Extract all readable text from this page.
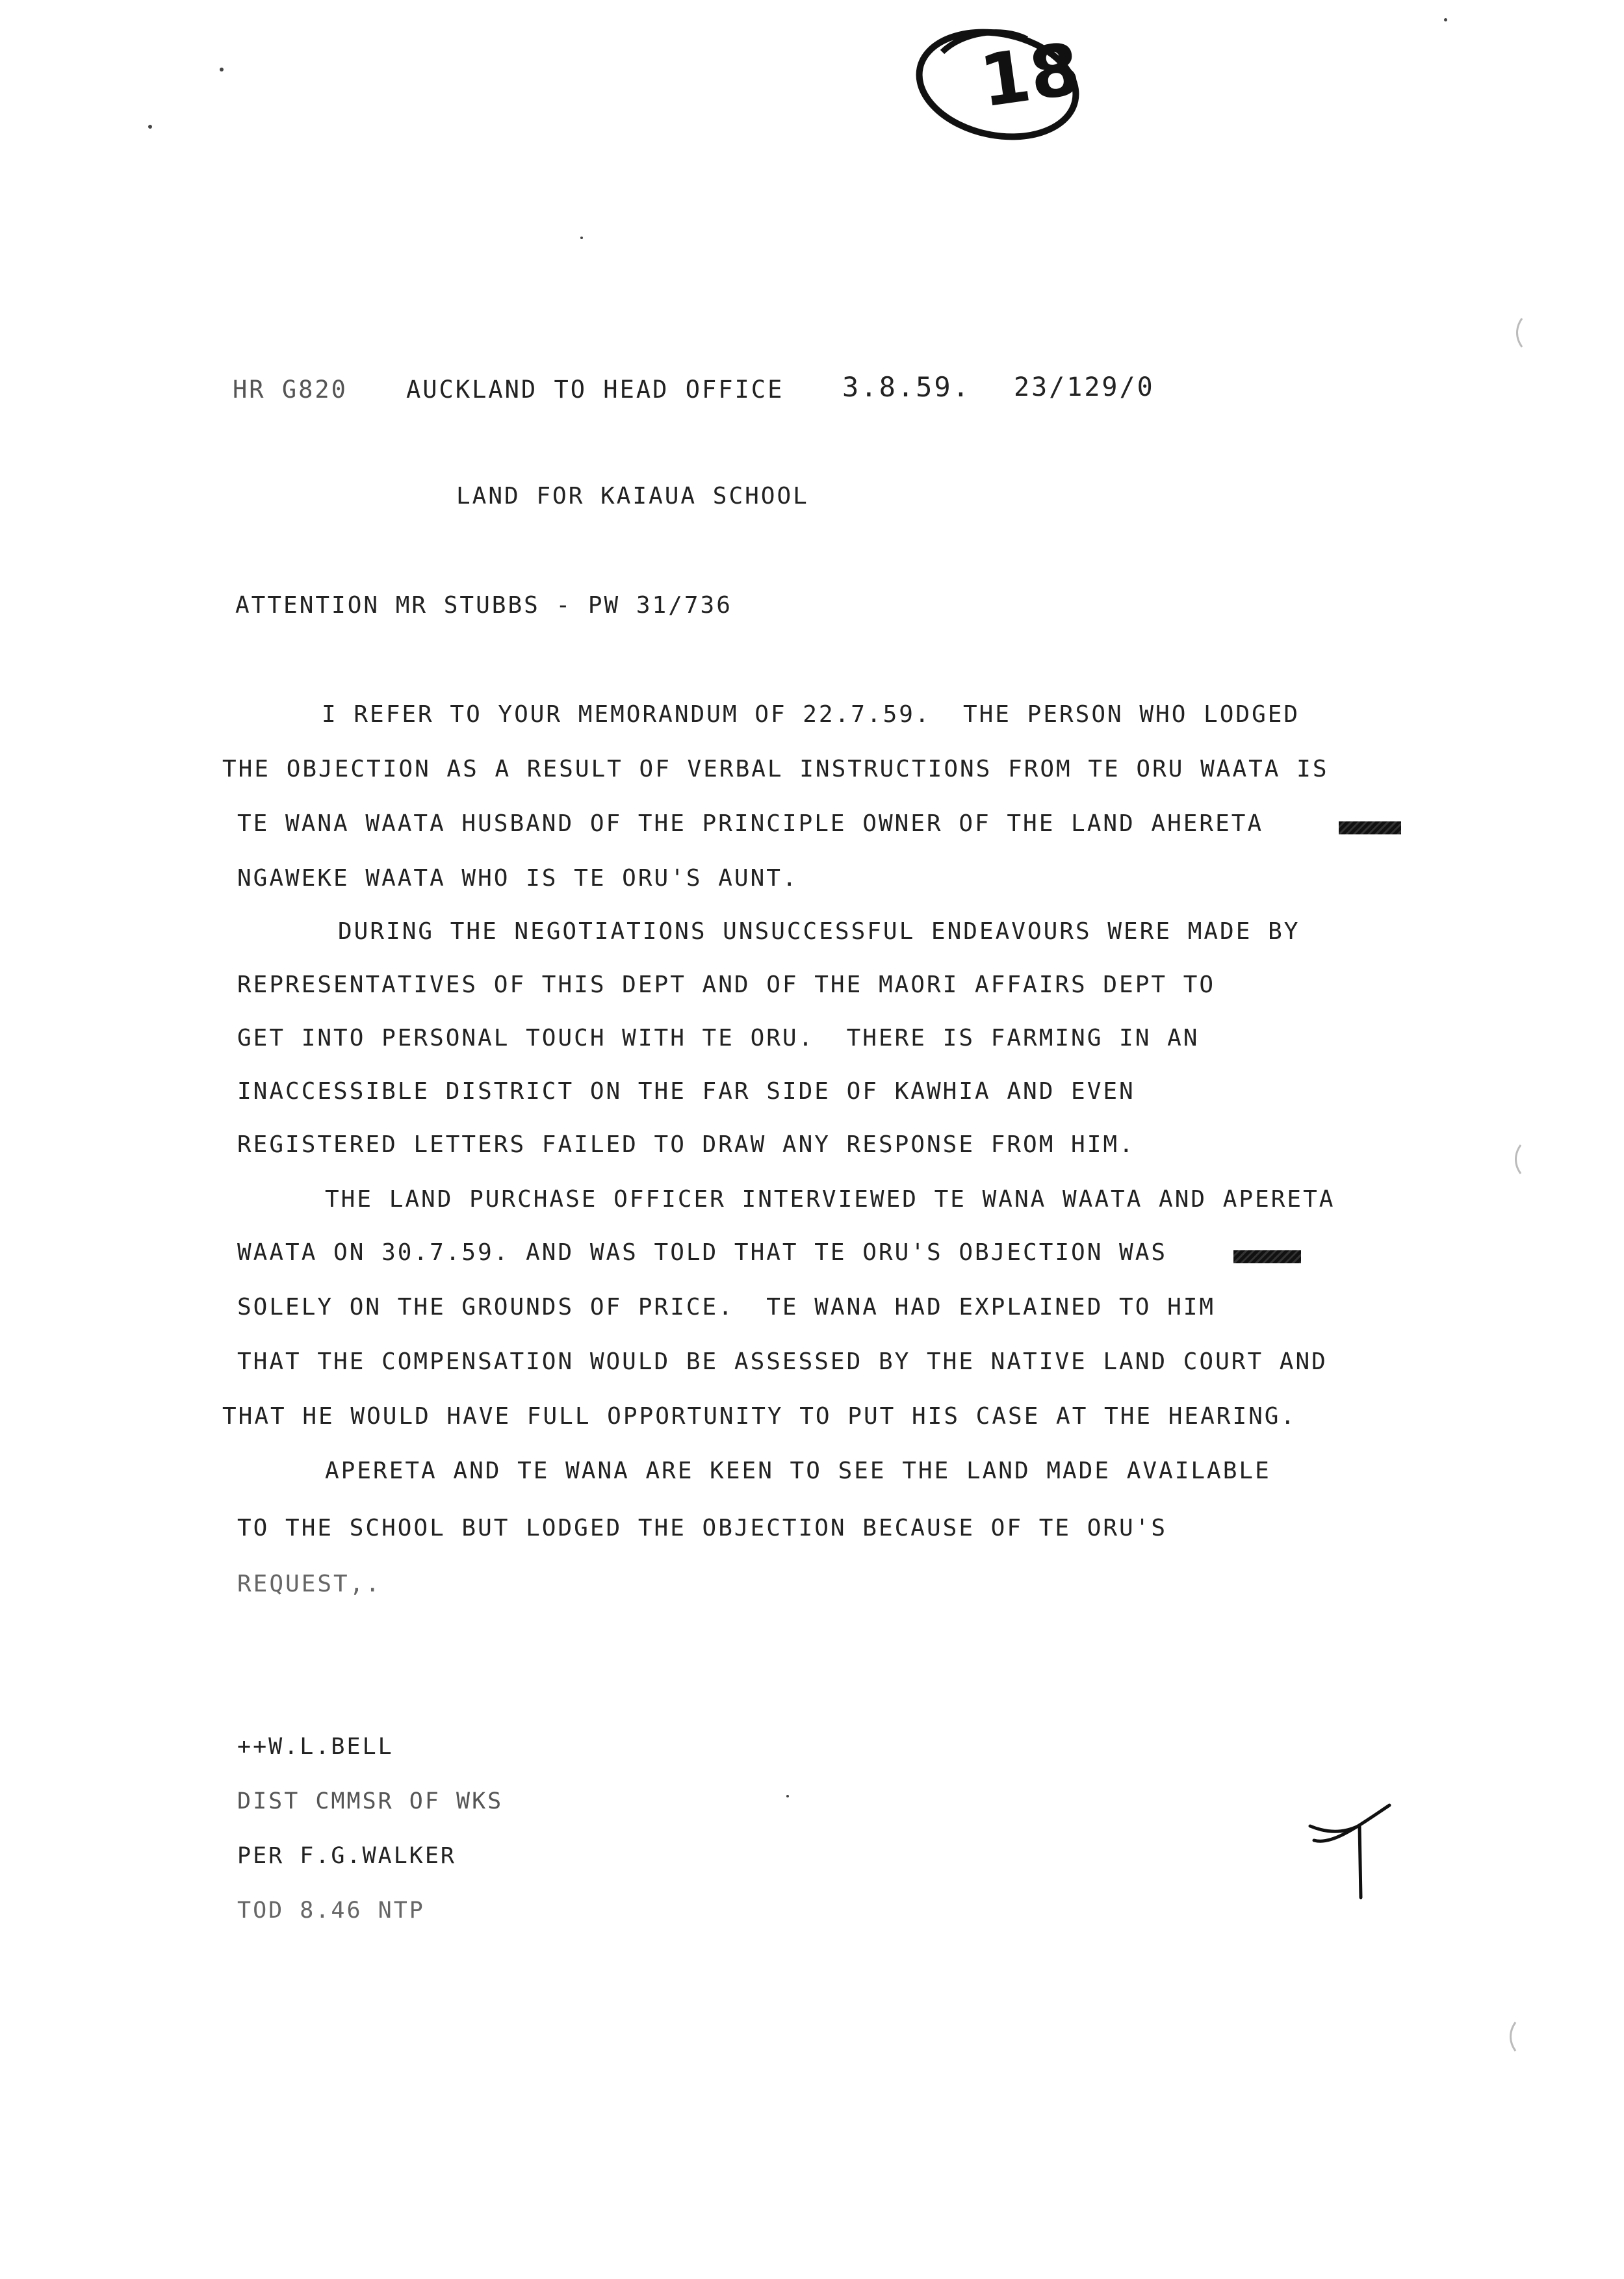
18
HR G820 AUCKLAND TO HEAD OFFICE 3.8.59. 23/129/0
LAND FOR KAIAUA SCHOOL
ATTENTION MR STUBBS - PW 31/736
I REFER TO YOUR MEMORANDUM OF 22.7.59.  THE PERSON WHO LODGED
THE OBJECTION AS A RESULT OF VERBAL INSTRUCTIONS FROM TE ORU WAATA IS
TE WANA WAATA HUSBAND OF THE PRINCIPLE OWNER OF THE LAND AHERETA
NGAWEKE WAATA WHO IS TE ORU'S AUNT.
DURING THE NEGOTIATIONS UNSUCCESSFUL ENDEAVOURS WERE MADE BY
REPRESENTATIVES OF THIS DEPT AND OF THE MAORI AFFAIRS DEPT TO
GET INTO PERSONAL TOUCH WITH TE ORU.  THERE IS FARMING IN AN
INACCESSIBLE DISTRICT ON THE FAR SIDE OF KAWHIA AND EVEN
REGISTERED LETTERS FAILED TO DRAW ANY RESPONSE FROM HIM.
THE LAND PURCHASE OFFICER INTERVIEWED TE WANA WAATA AND APERETA
WAATA ON 30.7.59. AND WAS TOLD THAT TE ORU'S OBJECTION WAS
SOLELY ON THE GROUNDS OF PRICE.  TE WANA HAD EXPLAINED TO HIM
THAT THE COMPENSATION WOULD BE ASSESSED BY THE NATIVE LAND COURT AND
THAT HE WOULD HAVE FULL OPPORTUNITY TO PUT HIS CASE AT THE HEARING.
APERETA AND TE WANA ARE KEEN TO SEE THE LAND MADE AVAILABLE
TO THE SCHOOL BUT LODGED THE OBJECTION BECAUSE OF TE ORU'S
REQUEST,.
++W.L.BELL
DIST CMMSR OF WKS
PER F.G.WALKER
TOD 8.46 NTP
